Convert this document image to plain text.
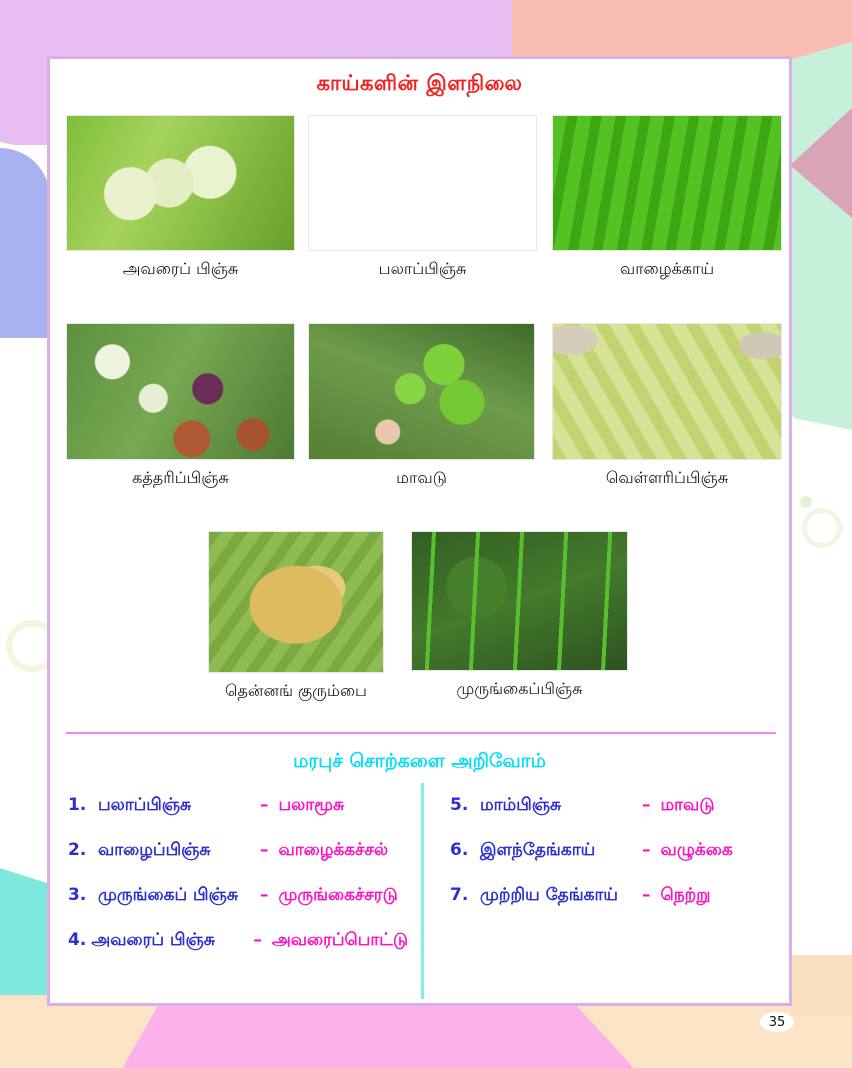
காய்களின் இளநிலை
அவரைப் பிஞ்சு	பலாப்பிஞ்சு	வாழைக்காய்
கத்தரிப்பிஞ்சு	மாவடு	வெள்ளரிப்பிஞ்சு
தென்னங் குரும்பை	முருங்கைப்பிஞ்சு
மரபுச் சொற்களை அறிவோம்
1. பலாப்பிஞ்சு	– பலாமூசு
2. வாழைப்பிஞ்சு	– வாழைக்கச்சல்
3. முருங்கைப் பிஞ்சு	– முருங்கைச்சரடு
4. அவரைப் பிஞ்சு	– அவரைப்பொட்டு
5. மாம்பிஞ்சு	– மாவடு
6. இளந்தேங்காய்	– வழுக்கை
7. முற்றிய தேங்காய்	– நெற்று
35
